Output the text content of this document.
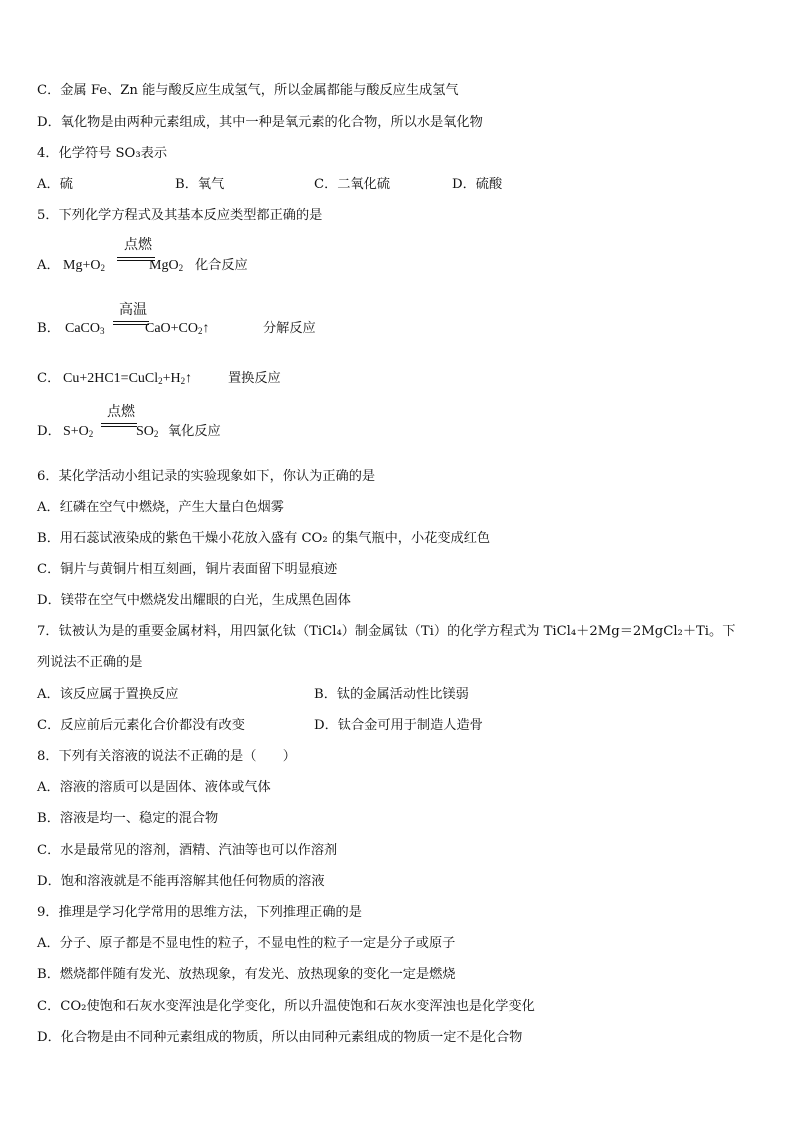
C．金属 Fe、Zn 能与酸反应生成氢气，所以金属都能与酸反应生成氢气
D．氧化物是由两种元素组成，其中一种是氧元素的化合物，所以水是氧化物
4．化学符号 SO₃表示
A．硫	B．氧气	C．二氧化硫	D．硫酸
5．下列化学方程式及其基本反应类型都正确的是
A． $Mg+O_2$
点燃
MgO$_2$ 化合反应
B． CaCO$_3$
高温
$CaO+CO_2↑$	分解反应
C． $Cu+2HC1=CuCl_2+H_2↑$	置换反应
D． $S+O_2$
点燃
$SO_2$ 氧化反应
6．某化学活动小组记录的实验现象如下，你认为正确的是
A．红磷在空气中燃烧，产生大量白色烟雾
B．用石蕊试液染成的紫色干燥小花放入盛有 CO₂ 的集气瓶中，小花变成红色
C．铜片与黄铜片相互刻画，铜片表面留下明显痕迹
D．镁带在空气中燃烧发出耀眼的白光，生成黑色固体
7．钛被认为是的重要金属材料，用四氯化钛（TiCl₄）制金属钛（Ti）的化学方程式为 TiCl₄＋2Mg＝2MgCl₂＋Ti。下
列说法不正确的是
A．该反应属于置换反应	B．钛的金属活动性比镁弱
C．反应前后元素化合价都没有改变	D．钛合金可用于制造人造骨
8．下列有关溶液的说法不正确的是（　　）
A．溶液的溶质可以是固体、液体或气体
B．溶液是均一、稳定的混合物
C．水是最常见的溶剂，酒精、汽油等也可以作溶剂
D．饱和溶液就是不能再溶解其他任何物质的溶液
9．推理是学习化学常用的思维方法，下列推理正确的是
A．分子、原子都是不显电性的粒子，不显电性的粒子一定是分子或原子
B．燃烧都伴随有发光、放热现象，有发光、放热现象的变化一定是燃烧
C．CO₂使饱和石灰水变浑浊是化学变化，所以升温使饱和石灰水变浑浊也是化学变化
D．化合物是由不同种元素组成的物质，所以由同种元素组成的物质一定不是化合物
